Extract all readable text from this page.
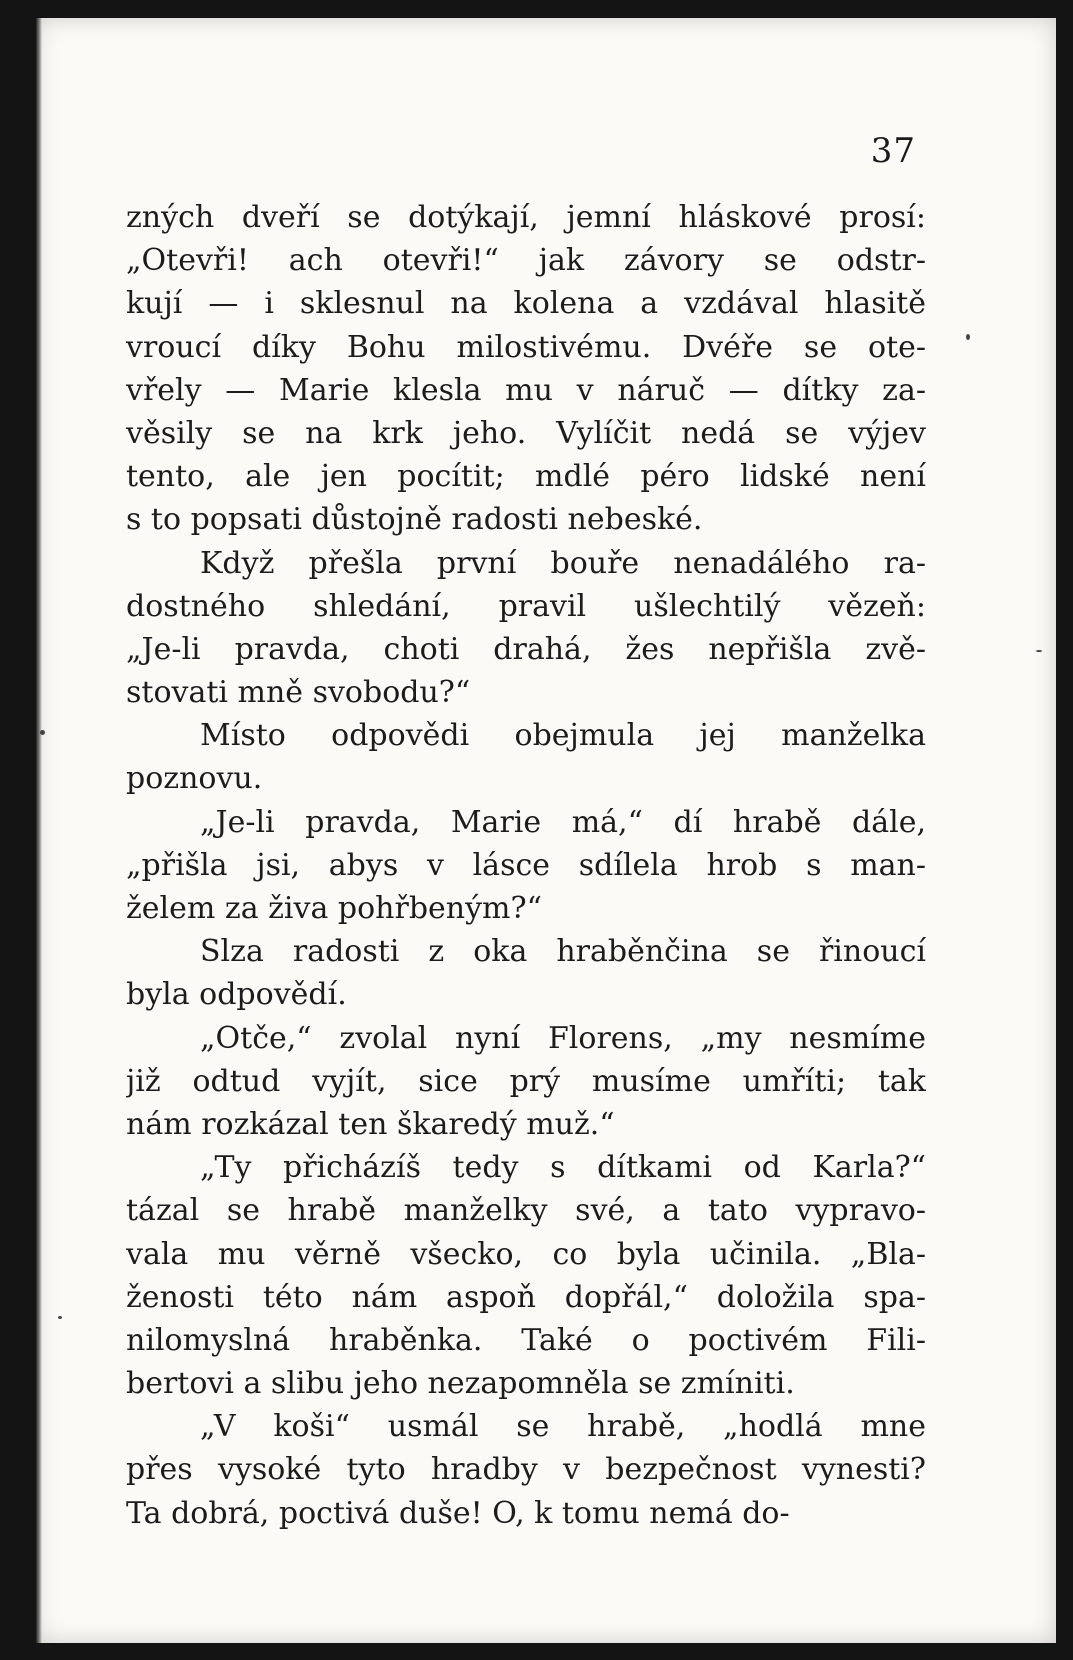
37
zných dveří se dotýkají, jemní hláskové prosí:
„Otevři! ach otevři!“ jak závory se odstr-
kují — i sklesnul na kolena a vzdával hlasitě
vroucí díky Bohu milostivému. Dvéře se ote-
vřely — Marie klesla mu v náruč — dítky za-
věsily se na krk jeho. Vylíčit nedá se výjev
tento, ale jen pocítit; mdlé péro lidské není
s to popsati důstojně radosti nebeské.
Když přešla první bouře nenadálého ra-
dostného shledání, pravil ušlechtilý vězeň:
„Je-li pravda, choti drahá, žes nepřišla zvě-
stovati mně svobodu?“
Místo odpovědi obejmula jej manželka
poznovu.
„Je-li pravda, Marie má,“ dí hrabě dále,
„přišla jsi, abys v lásce sdílela hrob s man-
želem za živa pohřbeným?“
Slza radosti z oka hraběnčina se řinoucí
byla odpovědí.
„Otče,“ zvolal nyní Florens, „my nesmíme
již odtud vyjít, sice prý musíme umříti; tak
nám rozkázal ten škaredý muž.“
„Ty přicházíš tedy s dítkami od Karla?“
tázal se hrabě manželky své, a tato vypravo-
vala mu věrně všecko, co byla učinila. „Bla-
ženosti této nám aspoň dopřál,“ doložila spa-
nilomyslná hraběnka. Také o poctivém Fili-
bertovi a slibu jeho nezapomněla se zmíniti.
„V koši“ usmál se hrabě, „hodlá mne
přes vysoké tyto hradby v bezpečnost vynesti?
Ta dobrá, poctivá duše! O, k tomu nemá do-
